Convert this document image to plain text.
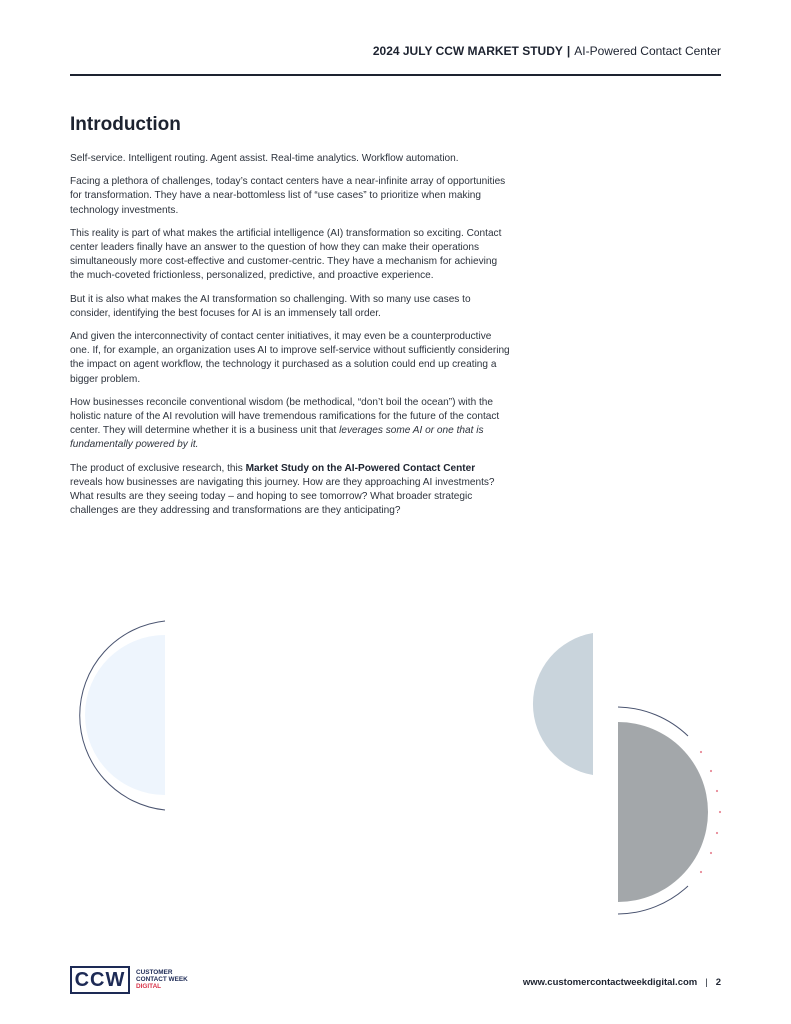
2024 JULY CCW MARKET STUDY | AI-Powered Contact Center
Introduction

Self-service. Intelligent routing. Agent assist. Real-time analytics. Workflow automation.

Facing a plethora of challenges, today’s contact centers have a near-infinite array of opportunities for transformation. They have a near-bottomless list of “use cases” to prioritize when making technology investments.

This reality is part of what makes the artificial intelligence (AI) transformation so exciting. Contact center leaders finally have an answer to the question of how they can make their operations simultaneously more cost-effective and customer-centric. They have a mechanism for achieving the much-coveted frictionless, personalized, predictive, and proactive experience.

But it is also what makes the AI transformation so challenging. With so many use cases to consider, identifying the best focuses for AI is an immensely tall order.

And given the interconnectivity of contact center initiatives, it may even be a counterproductive one. If, for example, an organization uses AI to improve self-service without sufficiently considering the impact on agent workflow, the technology it purchased as a solution could end up creating a bigger problem.

How businesses reconcile conventional wisdom (be methodical, “don’t boil the ocean”) with the holistic nature of the AI revolution will have tremendous ramifications for the future of the contact center. They will determine whether it is a business unit that leverages some AI or one that is fundamentally powered by it.

The product of exclusive research, this Market Study on the AI-Powered Contact Center reveals how businesses are navigating this journey. How are they approaching AI investments? What results are they seeing today – and hoping to see tomorrow? What broader strategic challenges are they addressing and transformations are they anticipating?

CCW	CUSTOMER
CONTACT WEEK
DIGITAL	www.customercontactweekdigital.com | 2
